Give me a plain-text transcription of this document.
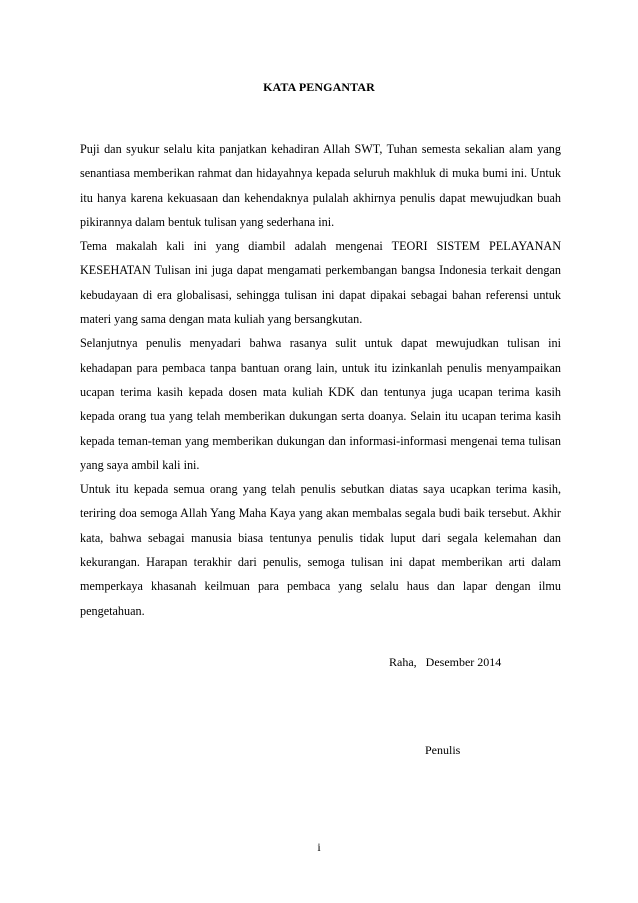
KATA PENGANTAR

Puji dan syukur selalu kita panjatkan kehadiran Allah SWT, Tuhan semesta sekalian alam yang senantiasa memberikan rahmat dan hidayahnya kepada seluruh makhluk di muka bumi ini. Untuk itu hanya karena kekuasaan dan kehendaknya pulalah akhirnya penulis dapat mewujudkan buah pikirannya dalam bentuk tulisan yang sederhana ini.

Tema makalah kali ini yang diambil adalah mengenai TEORI SISTEM PELAYANAN KESEHATAN Tulisan ini juga dapat mengamati perkembangan bangsa Indonesia terkait dengan kebudayaan di era globalisasi, sehingga tulisan ini dapat dipakai sebagai bahan referensi untuk materi yang sama dengan mata kuliah yang bersangkutan.

Selanjutnya penulis menyadari bahwa rasanya sulit untuk dapat mewujudkan tulisan ini kehadapan para pembaca tanpa bantuan orang lain, untuk itu izinkanlah penulis menyampaikan ucapan terima kasih kepada dosen mata kuliah KDK dan tentunya juga ucapan terima kasih kepada orang tua yang telah memberikan dukungan serta doanya. Selain itu ucapan terima kasih kepada teman-teman yang memberikan dukungan dan informasi-informasi mengenai tema tulisan yang saya ambil kali ini.

Untuk itu kepada semua orang yang telah penulis sebutkan diatas saya ucapkan terima kasih, teriring doa semoga Allah Yang Maha Kaya yang akan membalas segala budi baik tersebut. Akhir kata, bahwa sebagai manusia biasa tentunya penulis tidak luput dari segala kelemahan dan kekurangan. Harapan terakhir dari penulis, semoga tulisan ini dapat memberikan arti dalam memperkaya khasanah keilmuan para pembaca yang selalu haus dan lapar dengan ilmu pengetahuan.

Raha,   Desember 2014
Penulis
i
